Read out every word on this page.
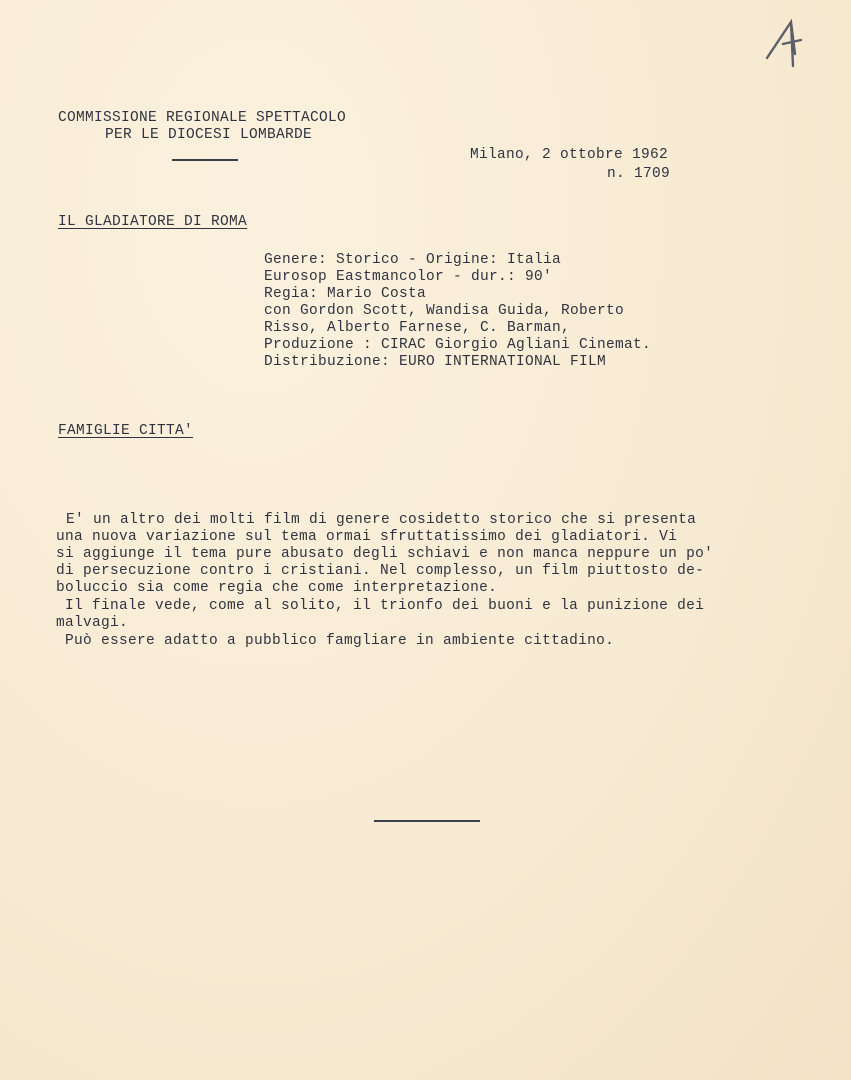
COMMISSIONE REGIONALE SPETTACOLO
PER LE DIOCESI LOMBARDE
Milano, 2 ottobre 1962
n. 1709
IL GLADIATORE DI ROMA
Genere: Storico - Origine: Italia
Eurosop Eastmancolor - dur.: 90'
Regia: Mario Costa
con Gordon Scott, Wandisa Guida, Roberto
Risso, Alberto Farnese, C. Barman,
Produzione : CIRAC Giorgio Agliani Cinemat.
Distribuzione: EURO INTERNATIONAL FILM
FAMIGLIE CITTA'
E' un altro dei molti film di genere cosidetto storico che si presenta
una nuova variazione sul tema ormai sfruttatissimo dei gladiatori. Vi
si aggiunge il tema pure abusato degli schiavi e non manca neppure un po'
di persecuzione contro i cristiani. Nel complesso, un film piuttosto de-
boluccio sia come regia che come interpretazione.
Il finale vede, come al solito, il trionfo dei buoni e la punizione dei
malvagi.
Può essere adatto a pubblico famgliare in ambiente cittadino.
